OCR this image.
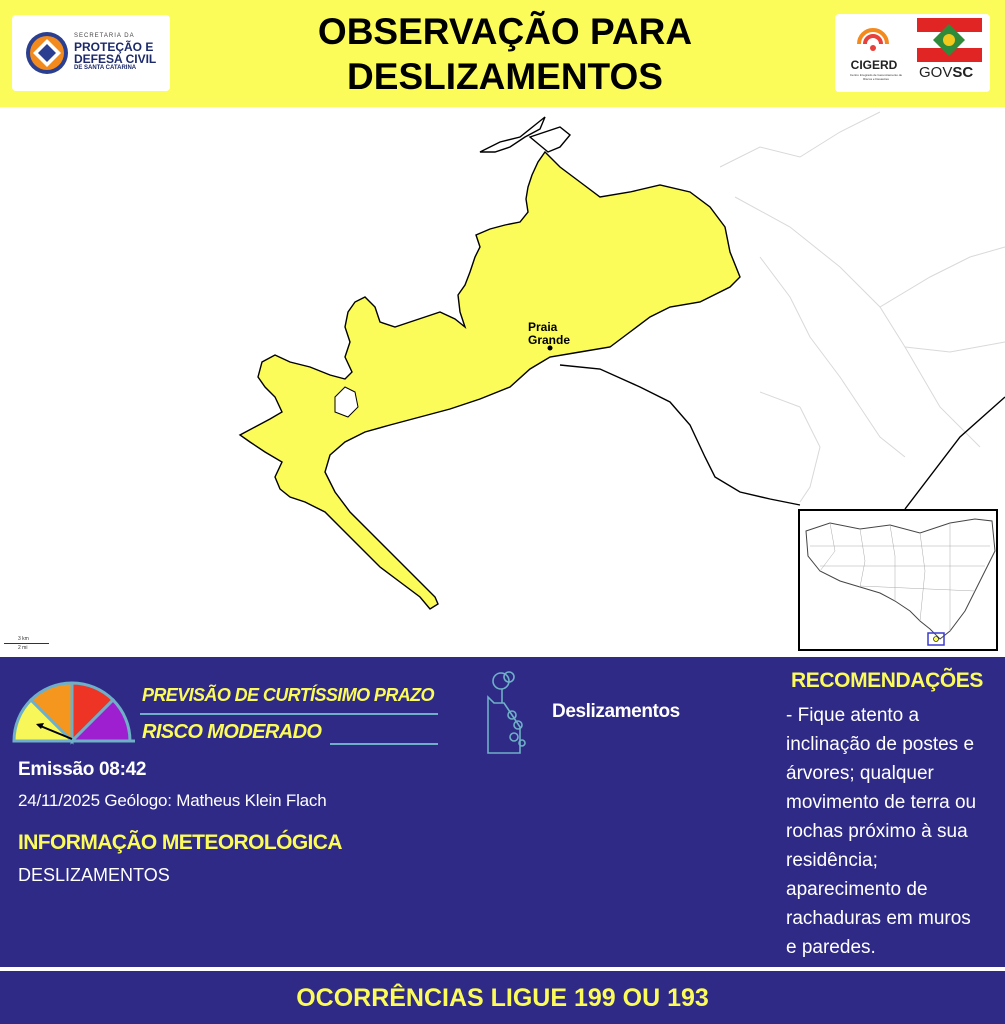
SECRETARIA DA
PROTEÇÃO E
DEFESA CIVIL
DE SANTA CATARINA
OBSERVAÇÃO PARA
DESLIZAMENTOS	CIGERD
Centro Integrado de Gerenciamento de Riscos e Desastres	GOVSC
Praia
Grande
3 km
2 mi
PREVISÃO DE CURTÍSSIMO PRAZO
RISCO MODERADO
Emissão 08:42
24/11/2025 Geólogo: Matheus Klein Flach
INFORMAÇÃO METEOROLÓGICA
DESLIZAMENTOS
Deslizamentos
RECOMENDAÇÕES
- Fique atento a
inclinação de postes e
árvores; qualquer
movimento de terra ou
rochas próximo à sua
residência;
aparecimento de
rachaduras em muros
e paredes.
OCORRÊNCIAS LIGUE 199 OU 193
